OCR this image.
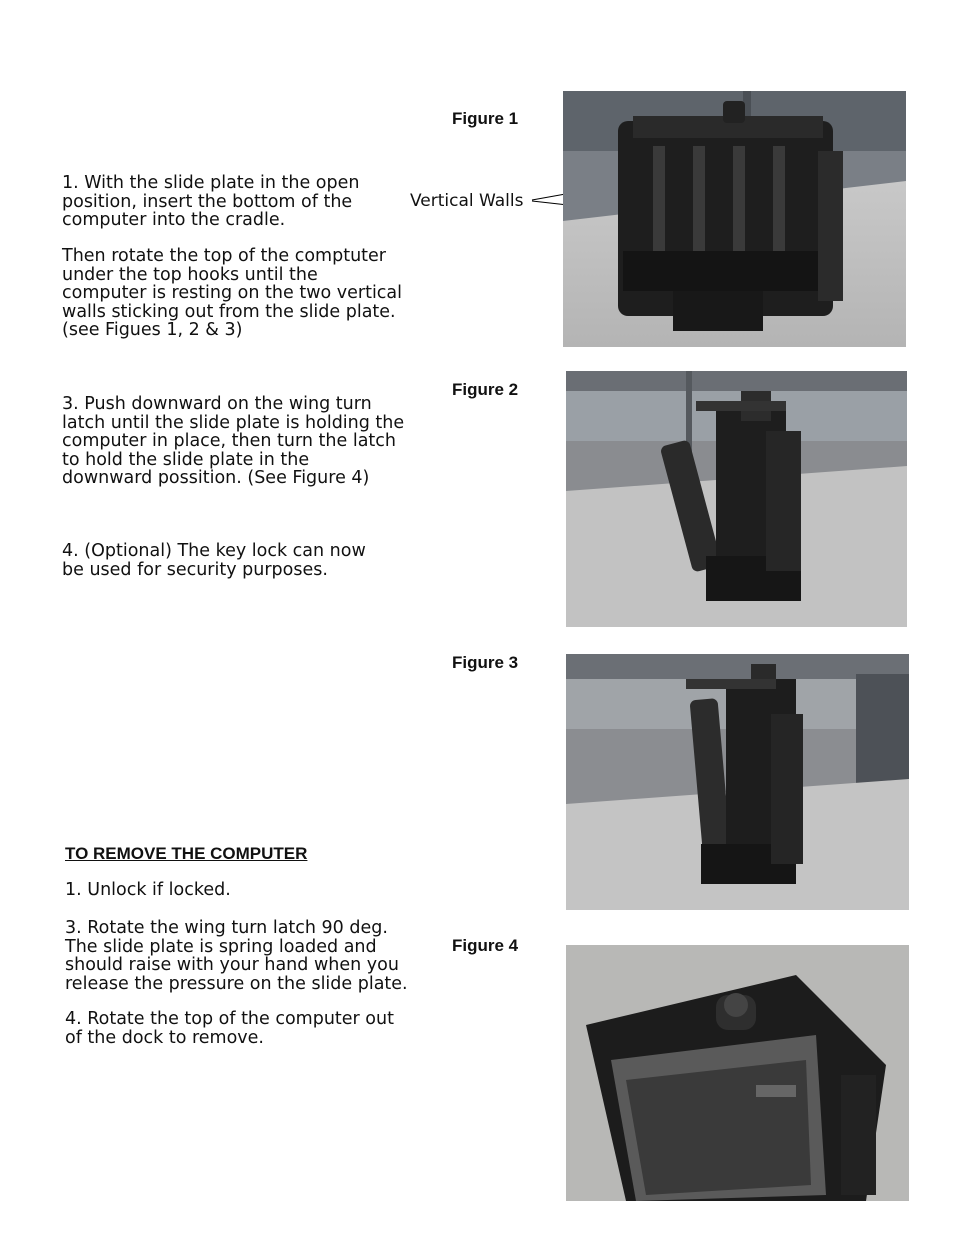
1. With the slide plate in the open
position, insert the bottom of the
computer into the cradle.
Then rotate the top of the comptuter
under the top hooks until the
computer is resting on the two vertical
walls sticking out from the slide plate.
(see Figues 1, 2 & 3)
3. Push downward on the wing turn
latch until the slide plate is holding the
computer in place, then turn the latch
to hold the slide plate in the
downward possition. (See Figure 4)
4. (Optional) The key lock can now
be used for security purposes.
TO REMOVE THE COMPUTER
1. Unlock if locked.
3. Rotate the wing turn latch 90 deg.
The slide plate is spring loaded and
should raise with your hand when you
release the pressure on the slide plate.
4. Rotate the top of the computer out
of the dock to remove.
Figure 1
Figure 2
Figure 3
Figure 4
Vertical Walls
